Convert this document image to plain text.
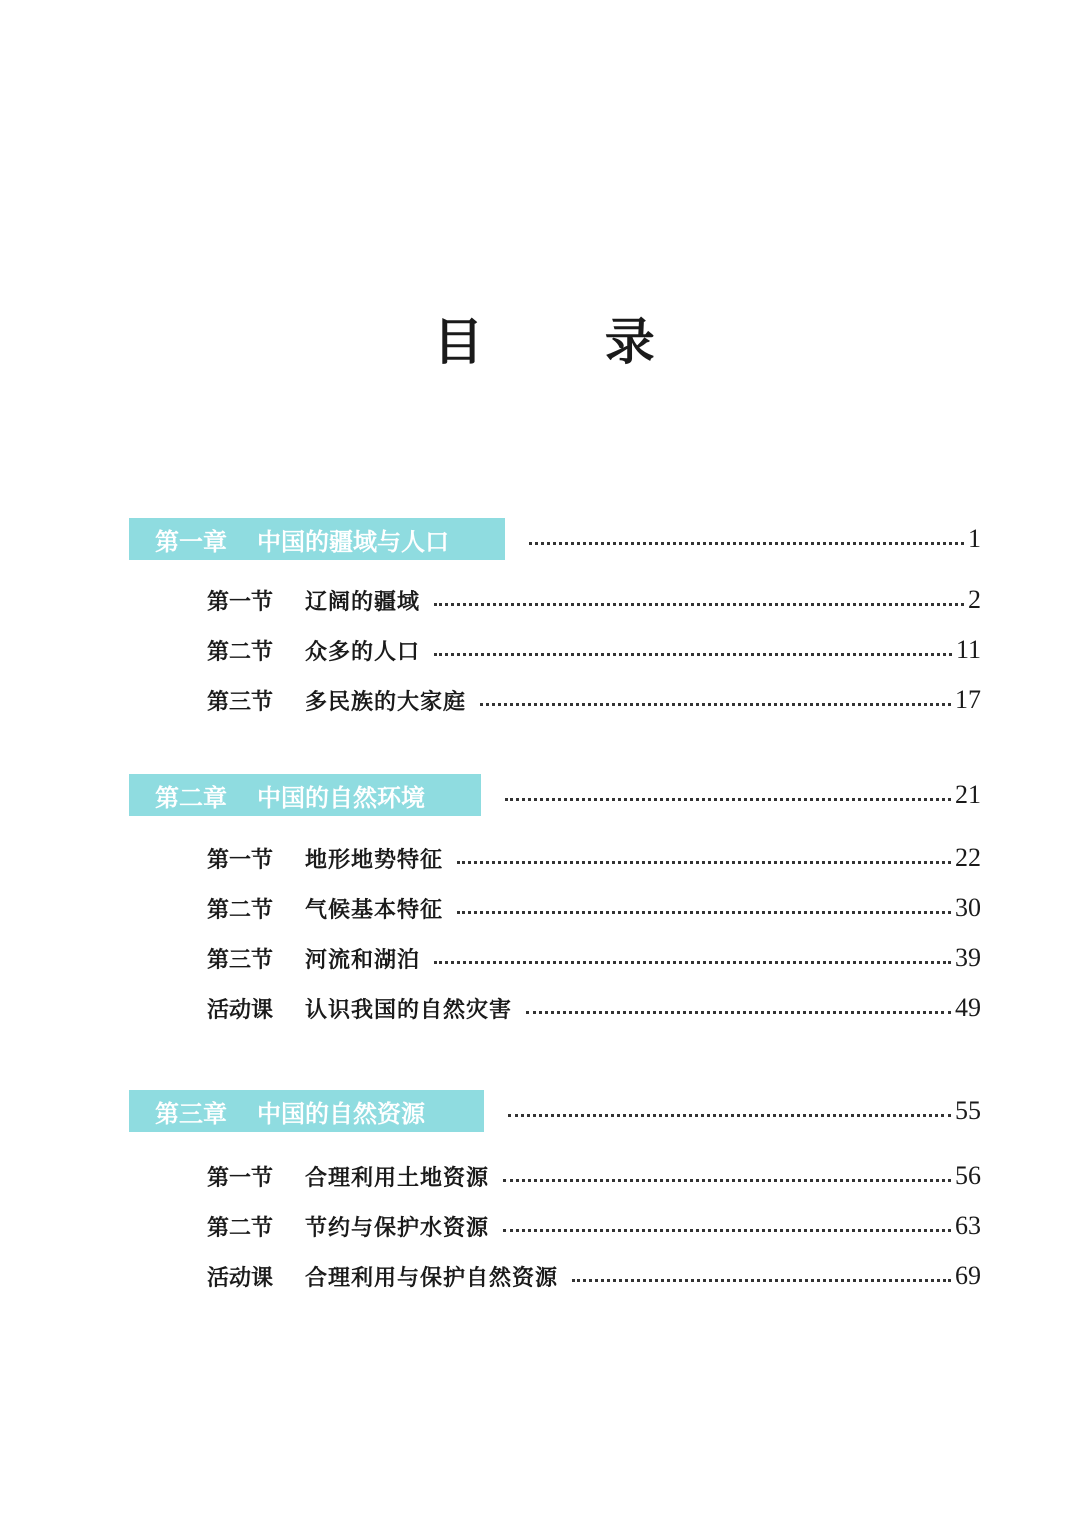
目 录
第一章 中国的疆域与人口	1
第一节	辽阔的疆域	2
第二节	众多的人口	11
第三节	多民族的大家庭	17
第二章 中国的自然环境	21
第一节	地形地势特征	22
第二节	气候基本特征	30
第三节	河流和湖泊	39
活动课	认识我国的自然灾害	49
第三章 中国的自然资源	55
第一节	合理利用土地资源	56
第二节	节约与保护水资源	63
活动课	合理利用与保护自然资源	69
